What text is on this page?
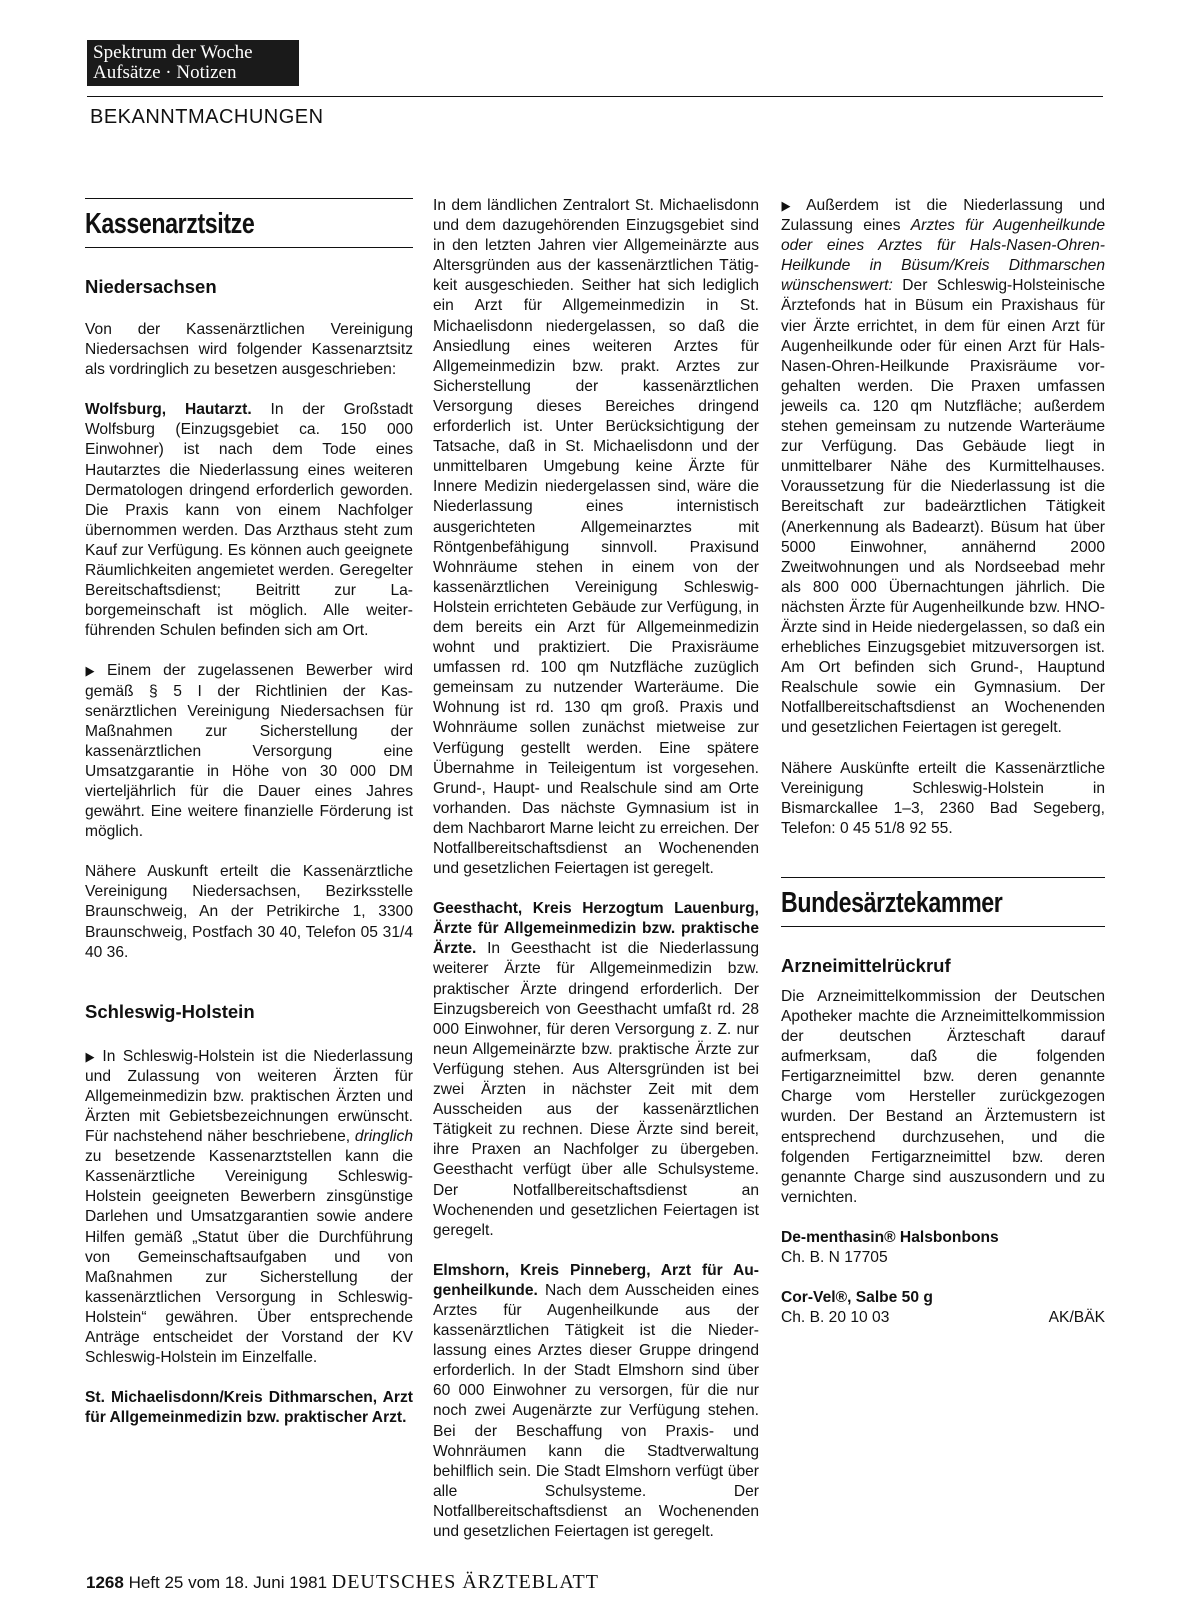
Spektrum der Woche
Aufsätze · Notizen
BEKANNTMACHUNGEN
Kassenarztsitze
Niedersachsen

Von der Kassenärztlichen Vereinigung Niedersachsen wird folgender Kassenarztsitz als vordringlich zu besetzen ausgeschrieben:

Wolfsburg, Hautarzt. In der Großstadt Wolfsburg (Einzugsgebiet ca. 150 000 Einwohner) ist nach dem Tode eines Hautarztes die Niederlassung eines weiteren Dermatologen dringend erforderlich geworden. Die Praxis kann von einem Nachfolger übernommen werden. Das Arzthaus steht zum Kauf zur Verfügung. Es können auch geeignete Räumlichkeiten angemietet werden. Geregelter Bereitschaftsdienst; Beitritt zur Laborgemeinschaft ist möglich. Alle weiterführenden Schulen befinden sich am Ort.

▶ Einem der zugelassenen Bewerber wird gemäß § 5 I der Richtlinien der Kassenärztlichen Vereinigung Niedersachsen für Maßnahmen zur Sicherstellung der kassenärztlichen Versorgung eine Umsatzgarantie in Höhe von 30 000 DM vierteljährlich für die Dauer eines Jahres gewährt. Eine weitere finanzielle Förderung ist möglich.

Nähere Auskunft erteilt die Kassenärztliche Vereinigung Niedersachsen, Bezirksstelle Braunschweig, An der Petrikirche 1, 3300 Braunschweig, Postfach 30 40, Telefon 05 31/4 40 36.

Schleswig-Holstein

▶ In Schleswig-Holstein ist die Niederlassung und Zulassung von weiteren Ärzten für Allgemeinmedizin bzw. praktischen Ärzten und Ärzten mit Gebietsbezeichnungen erwünscht. Für nachstehend näher beschriebene, dringlich zu besetzende Kassenarztstellen kann die Kassenärztliche Vereinigung Schleswig-Holstein geeigneten Bewerbern zinsgünstige Darlehen und Umsatzgarantien sowie andere Hilfen gemäß „Statut über die Durchführung von Gemeinschaftsaufgaben und von Maßnahmen zur Sicherstellung der kassenärztlichen Versorgung in Schleswig-Holstein“ gewähren. Über entsprechende Anträge entscheidet der Vorstand der KV Schleswig-Holstein im Einzelfalle.

St. Michaelisdonn/Kreis Dithmarschen, Arzt für Allgemeinmedizin bzw. praktischer Arzt.

In dem ländlichen Zentralort St. Michaelisdonn und dem dazugehörenden Einzugsgebiet sind in den letzten Jahren vier Allgemeinärzte aus Altersgründen aus der kassenärztlichen Tätigkeit ausgeschieden. Seither hat sich lediglich ein Arzt für Allgemeinmedizin in St. Michaelisdonn niedergelassen, so daß die Ansiedlung eines weiteren Arztes für Allgemeinmedizin bzw. prakt. Arztes zur Sicherstellung der kassenärztlichen Versorgung dieses Bereiches dringend erforderlich ist. Unter Berücksichtigung der Tatsache, daß in St. Michaelisdonn und der unmittelbaren Umgebung keine Ärzte für Innere Medizin niedergelassen sind, wäre die Niederlassung eines internistisch ausgerichteten Allgemeinarztes mit Röntgenbefähigung sinnvoll. Praxisund Wohnräume stehen in einem von der kassenärztlichen Vereinigung Schleswig-Holstein errichteten Gebäude zur Verfügung, in dem bereits ein Arzt für Allgemeinmedizin wohnt und praktiziert. Die Praxisräume umfassen rd. 100 qm Nutzfläche zuzüglich gemeinsam zu nutzender Warteräume. Die Wohnung ist rd. 130 qm groß. Praxis und Wohnräume sollen zunächst mietweise zur Verfügung gestellt werden. Eine spätere Übernahme in Teileigentum ist vorgesehen. Grund-, Haupt- und Realschule sind am Orte vorhanden. Das nächste Gymnasium ist in dem Nachbarort Marne leicht zu erreichen. Der Notfallbereitschaftsdienst an Wochenenden und gesetzlichen Feiertagen ist geregelt.

Geesthacht, Kreis Herzogtum Lauenburg, Ärzte für Allgemeinmedizin bzw. praktische Ärzte. In Geesthacht ist die Niederlassung weiterer Ärzte für Allgemeinmedizin bzw. praktischer Ärzte dringend erforderlich. Der Einzugsbereich von Geesthacht umfaßt rd. 28 000 Einwohner, für deren Versorgung z. Z. nur neun Allgemeinärzte bzw. praktische Ärzte zur Verfügung stehen. Aus Altersgründen ist bei zwei Ärzten in nächster Zeit mit dem Ausscheiden aus der kassenärztlichen Tätigkeit zu rechnen. Diese Ärzte sind bereit, ihre Praxen an Nachfolger zu übergeben. Geesthacht verfügt über alle Schulsysteme. Der Notfallbereitschaftsdienst an Wochenenden und gesetzlichen Feiertagen ist geregelt.

Elmshorn, Kreis Pinneberg, Arzt für Augenheilkunde. Nach dem Ausscheiden eines Arztes für Augenheilkunde aus der kassenärztlichen Tätigkeit ist die Niederlassung eines Arztes dieser Gruppe dringend erforderlich. In der Stadt Elmshorn sind über 60 000 Einwohner zu versorgen, für die nur noch zwei Augenärzte zur Verfügung stehen. Bei der Beschaffung von Praxis- und Wohnräumen kann die Stadtverwaltung behilflich sein. Die Stadt Elmshorn verfügt über alle Schulsysteme. Der Notfallbereitschaftsdienst an Wochenenden und gesetzlichen Feiertagen ist geregelt.

▶ Außerdem ist die Niederlassung und Zulassung eines Arztes für Augenheilkunde oder eines Arztes für Hals-Nasen-Ohren-Heilkunde in Büsum/Kreis Dithmarschen wünschenswert: Der Schleswig-Holsteinische Ärztefonds hat in Büsum ein Praxishaus für vier Ärzte errichtet, in dem für einen Arzt für Augenheilkunde oder für einen Arzt für Hals-Nasen-Ohren-Heilkunde Praxisräume vorgehalten werden. Die Praxen umfassen jeweils ca. 120 qm Nutzfläche; außerdem stehen gemeinsam zu nutzende Warteräume zur Verfügung. Das Gebäude liegt in unmittelbarer Nähe des Kurmittelhauses. Voraussetzung für die Niederlassung ist die Bereitschaft zur badeärztlichen Tätigkeit (Anerkennung als Badearzt). Büsum hat über 5000 Einwohner, annähernd 2000 Zweitwohnungen und als Nordseebad mehr als 800 000 Übernachtungen jährlich. Die nächsten Ärzte für Augenheilkunde bzw. HNO-Ärzte sind in Heide niedergelassen, so daß ein erhebliches Einzugsgebiet mitzuversorgen ist. Am Ort befinden sich Grund-, Hauptund Realschule sowie ein Gymnasium. Der Notfallbereitschaftsdienst an Wochenenden und gesetzlichen Feiertagen ist geregelt.

Nähere Auskünfte erteilt die Kassenärztliche Vereinigung Schleswig-Holstein in Bismarckallee 1–3, 2360 Bad Segeberg, Telefon: 0 45 51/8 92 55.

Bundesärztekammer
Arzneimittelrückruf

Die Arzneimittelkommission der Deutschen Apotheker machte die Arzneimittelkommission der deutschen Ärzteschaft darauf aufmerksam, daß die folgenden Fertigarzneimittel bzw. deren genannte Charge vom Hersteller zurückgezogen wurden. Der Bestand an Ärztemustern ist entsprechend durchzusehen, und die folgenden Fertigarzneimittel bzw. deren genannte Charge sind auszusondern und zu vernichten.

De-menthasin® Halsbonbons
Ch. B. N 17705
Cor-Vel®, Salbe 50 g
Ch. B. 20 10 03	AK/BÄK
1268 Heft 25 vom 18. Juni 1981 DEUTSCHES ÄRZTEBLATT
